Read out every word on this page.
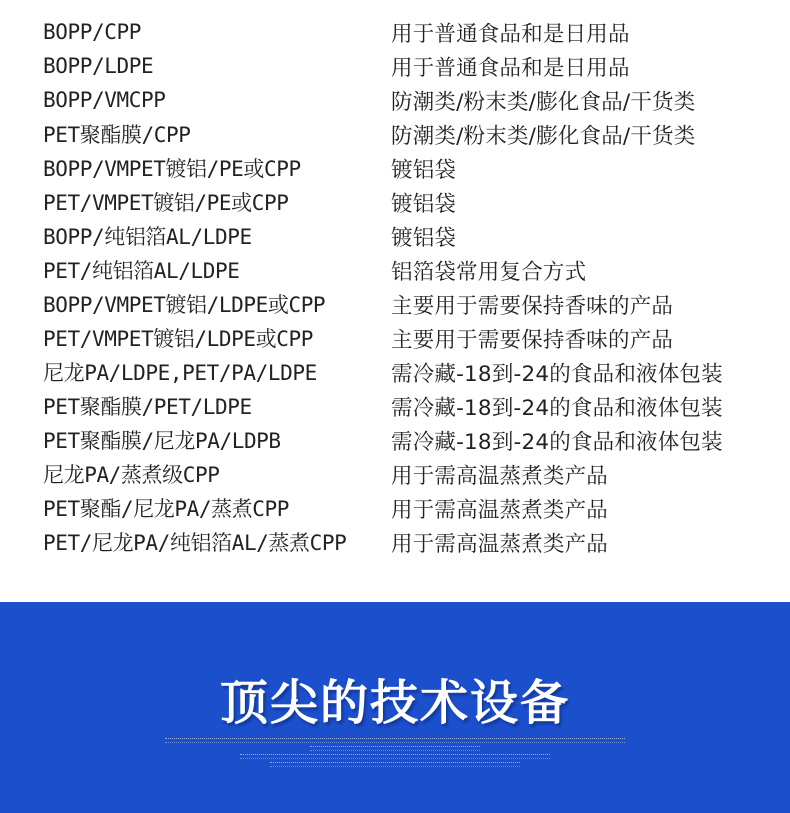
BOPP/CPP	用于普通食品和是日用品
BOPP/LDPE	用于普通食品和是日用品
BOPP/VMCPP	防潮类/粉末类/膨化食品/干货类
PET聚酯膜/CPP	防潮类/粉末类/膨化食品/干货类
BOPP/VMPET镀铝/PE或CPP	镀铝袋
PET/VMPET镀铝/PE或CPP	镀铝袋
BOPP/纯铝箔AL/LDPE	镀铝袋
PET/纯铝箔AL/LDPE	铝箔袋常用复合方式
BOPP/VMPET镀铝/LDPE或CPP	主要用于需要保持香味的产品
PET/VMPET镀铝/LDPE或CPP	主要用于需要保持香味的产品
尼龙PA/LDPE,PET/PA/LDPE	需冷藏-18到-24的食品和液体包装
PET聚酯膜/PET/LDPE	需冷藏-18到-24的食品和液体包装
PET聚酯膜/尼龙PA/LDPB	需冷藏-18到-24的食品和液体包装
尼龙PA/蒸煮级CPP	用于需高温蒸煮类产品
PET聚酯/尼龙PA/蒸煮CPP	用于需高温蒸煮类产品
PET/尼龙PA/纯铝箔AL/蒸煮CPP	用于需高温蒸煮类产品
顶尖的技术设备
